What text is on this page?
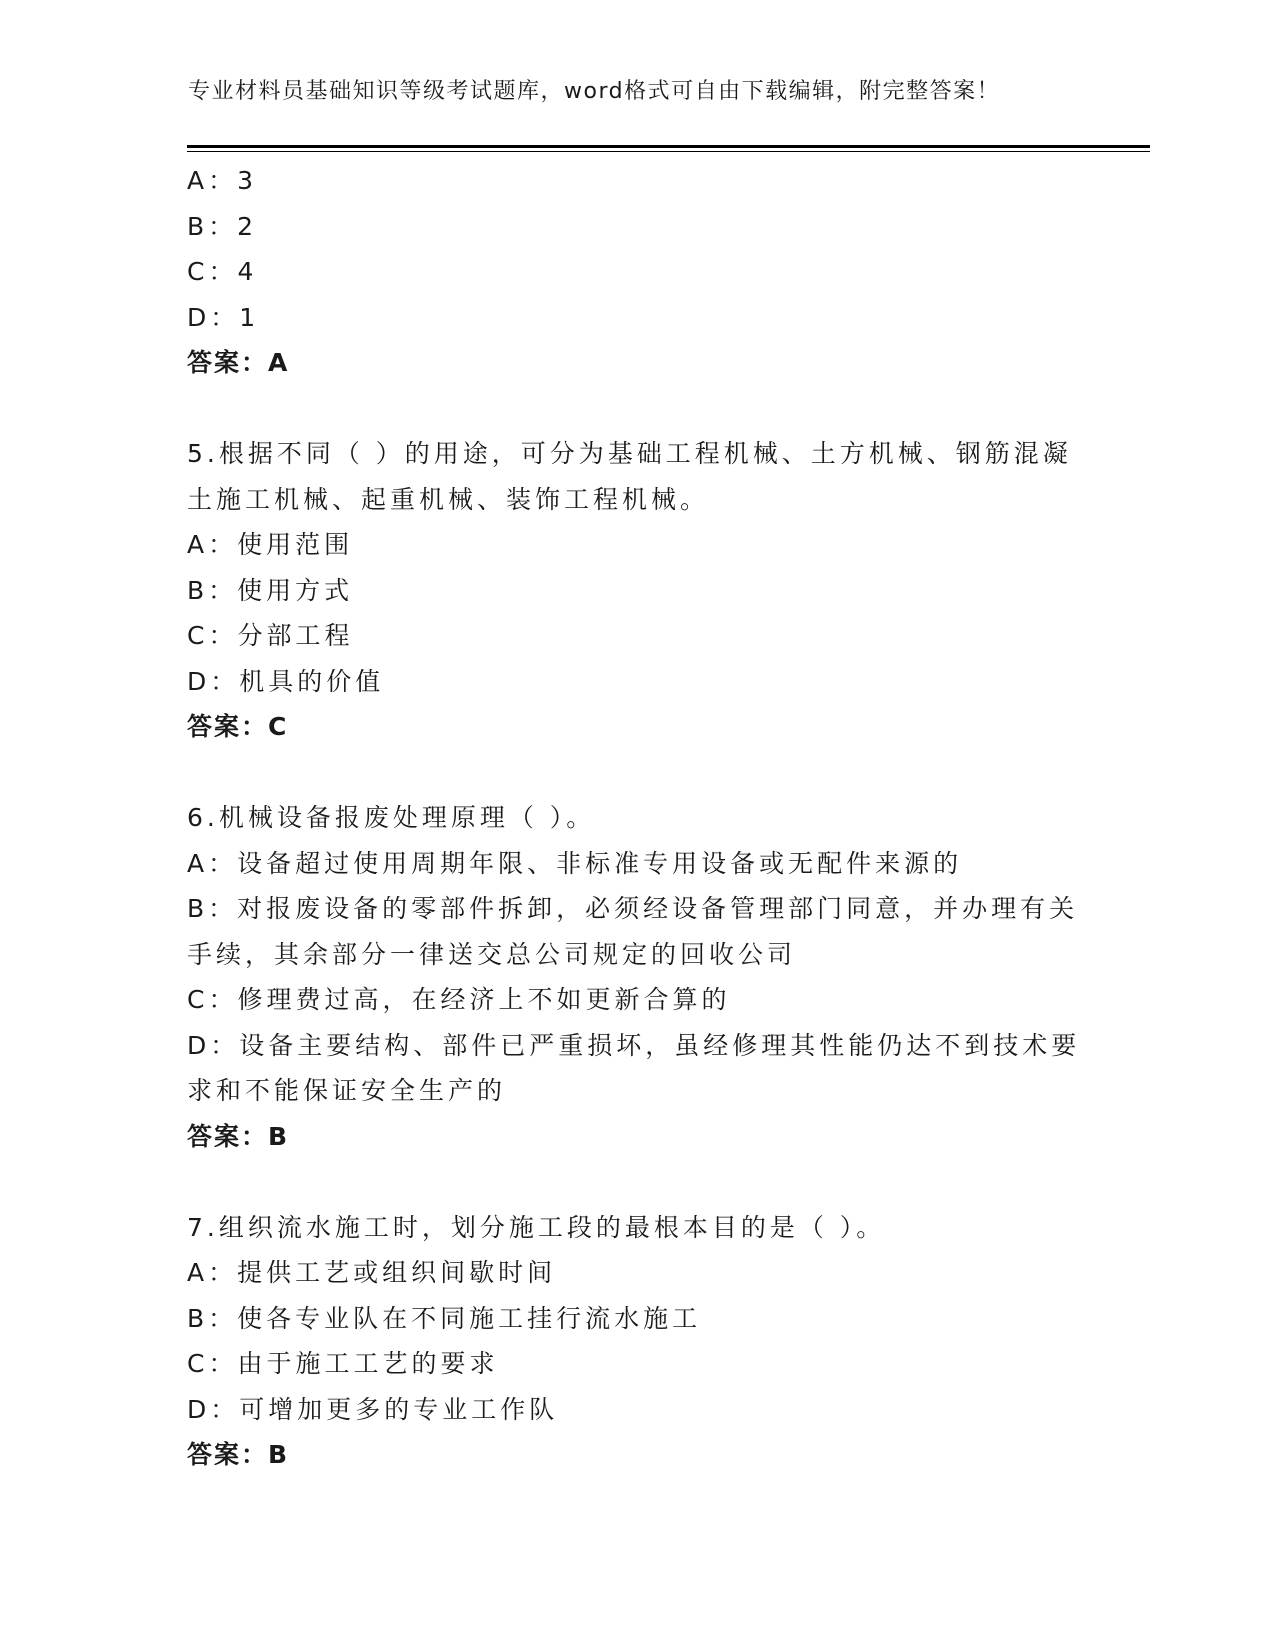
专业材料员基础知识等级考试题库，word格式可自由下载编辑，附完整答案！
A：3
B：2
C：4
D：1
答案：A
5.根据不同（ ）的用途，可分为基础工程机械、土方机械、钢筋混凝
土施工机械、起重机械、装饰工程机械。
A：使用范围
B：使用方式
C：分部工程
D：机具的价值
答案：C
6.机械设备报废处理原理（ ）。
A：设备超过使用周期年限、非标准专用设备或无配件来源的
B：对报废设备的零部件拆卸，必须经设备管理部门同意，并办理有关
手续，其余部分一律送交总公司规定的回收公司
C：修理费过高，在经济上不如更新合算的
D：设备主要结构、部件已严重损坏，虽经修理其性能仍达不到技术要
求和不能保证安全生产的
答案：B
7.组织流水施工时，划分施工段的最根本目的是（ ）。
A：提供工艺或组织间歇时间
B：使各专业队在不同施工挂行流水施工
C：由于施工工艺的要求
D：可增加更多的专业工作队
答案：B
